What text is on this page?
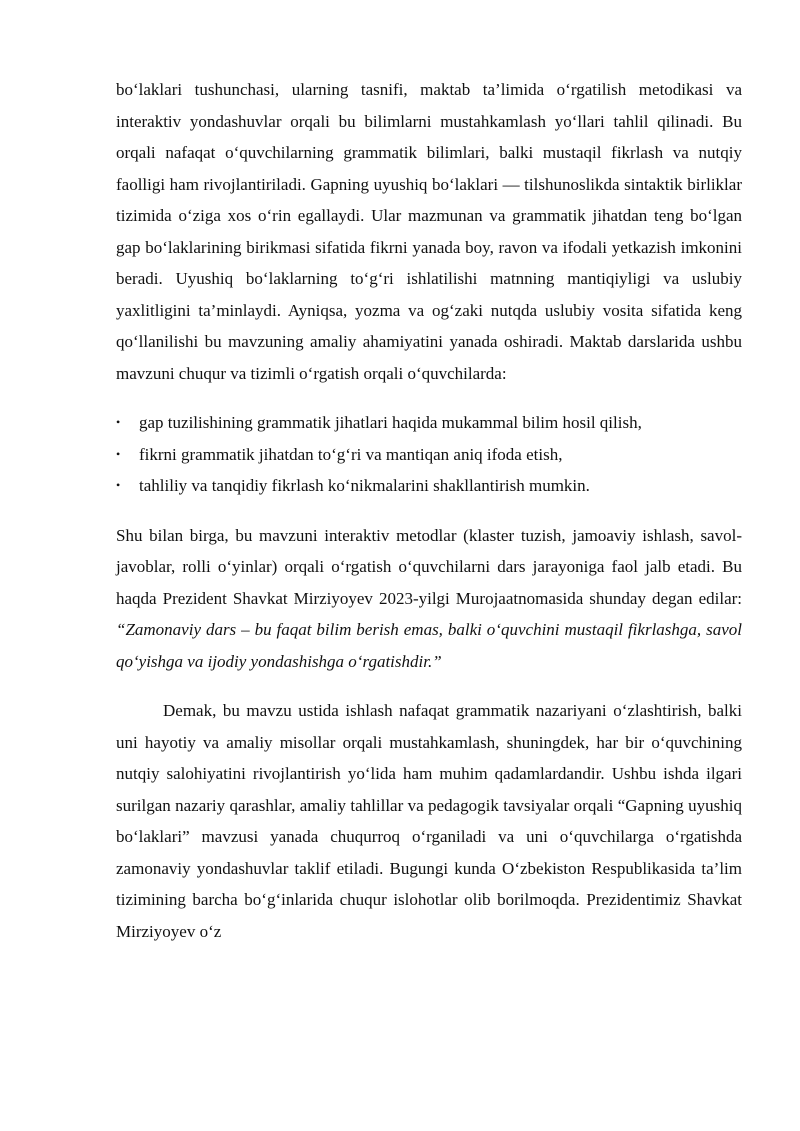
bo‘laklari tushunchasi, ularning tasnifi, maktab ta’limida o‘rgatilish metodikasi va interaktiv yondashuvlar orqali bu bilimlarni mustahkamlash yo‘llari tahlil qilinadi. Bu orqali nafaqat o‘quvchilarning grammatik bilimlari, balki mustaqil fikrlash va nutqiy faolligi ham rivojlantiriladi. Gapning uyushiq bo‘laklari — tilshunoslikda sintaktik birliklar tizimida o‘ziga xos o‘rin egallaydi. Ular mazmunan va grammatik jihatdan teng bo‘lgan gap bo‘laklarining birikmasi sifatida fikrni yanada boy, ravon va ifodali yetkazish imkonini beradi. Uyushiq bo‘laklarning to‘g‘ri ishlatilishi matnning mantiqiyligi va uslubiy yaxlitligini ta’minlaydi. Ayniqsa, yozma va og‘zaki nutqda uslubiy vosita sifatida keng qo‘llanilishi bu mavzuning amaliy ahamiyatini yanada oshiradi. Maktab darslarida ushbu mavzuni chuqur va tizimli o‘rgatish orqali o‘quvchilarda:

• gap tuzilishining grammatik jihatlari haqida mukammal bilim hosil qilish,
• fikrni grammatik jihatdan to‘g‘ri va mantiqan aniq ifoda etish,
• tahliliy va tanqidiy fikrlash ko‘nikmalarini shakllantirish mumkin.

Shu bilan birga, bu mavzuni interaktiv metodlar (klaster tuzish, jamoaviy ishlash, savol-javoblar, rolli o‘yinlar) orqali o‘rgatish o‘quvchilarni dars jarayoniga faol jalb etadi. Bu haqda Prezident Shavkat Mirziyoyev 2023-yilgi Murojaatnomasida shunday degan edilar: “Zamonaviy dars – bu faqat bilim berish emas, balki o‘quvchini mustaqil fikrlashga, savol qo‘yishga va ijodiy yondashishga o‘rgatishdir.”

Demak, bu mavzu ustida ishlash nafaqat grammatik nazariyani o‘zlashtirish, balki uni hayotiy va amaliy misollar orqali mustahkamlash, shuningdek, har bir o‘quvchining nutqiy salohiyatini rivojlantirish yo‘lida ham muhim qadamlardandir. Ushbu ishda ilgari surilgan nazariy qarashlar, amaliy tahlillar va pedagogik tavsiyalar orqali “Gapning uyushiq bo‘laklari” mavzusi yanada chuqurroq o‘rganiladi va uni o‘quvchilarga o‘rgatishda zamonaviy yondashuvlar taklif etiladi. Bugungi kunda O‘zbekiston Respublikasida ta’lim tizimining barcha bo‘g‘inlarida chuqur islohotlar olib borilmoqda. Prezidentimiz Shavkat Mirziyoyev o‘z
